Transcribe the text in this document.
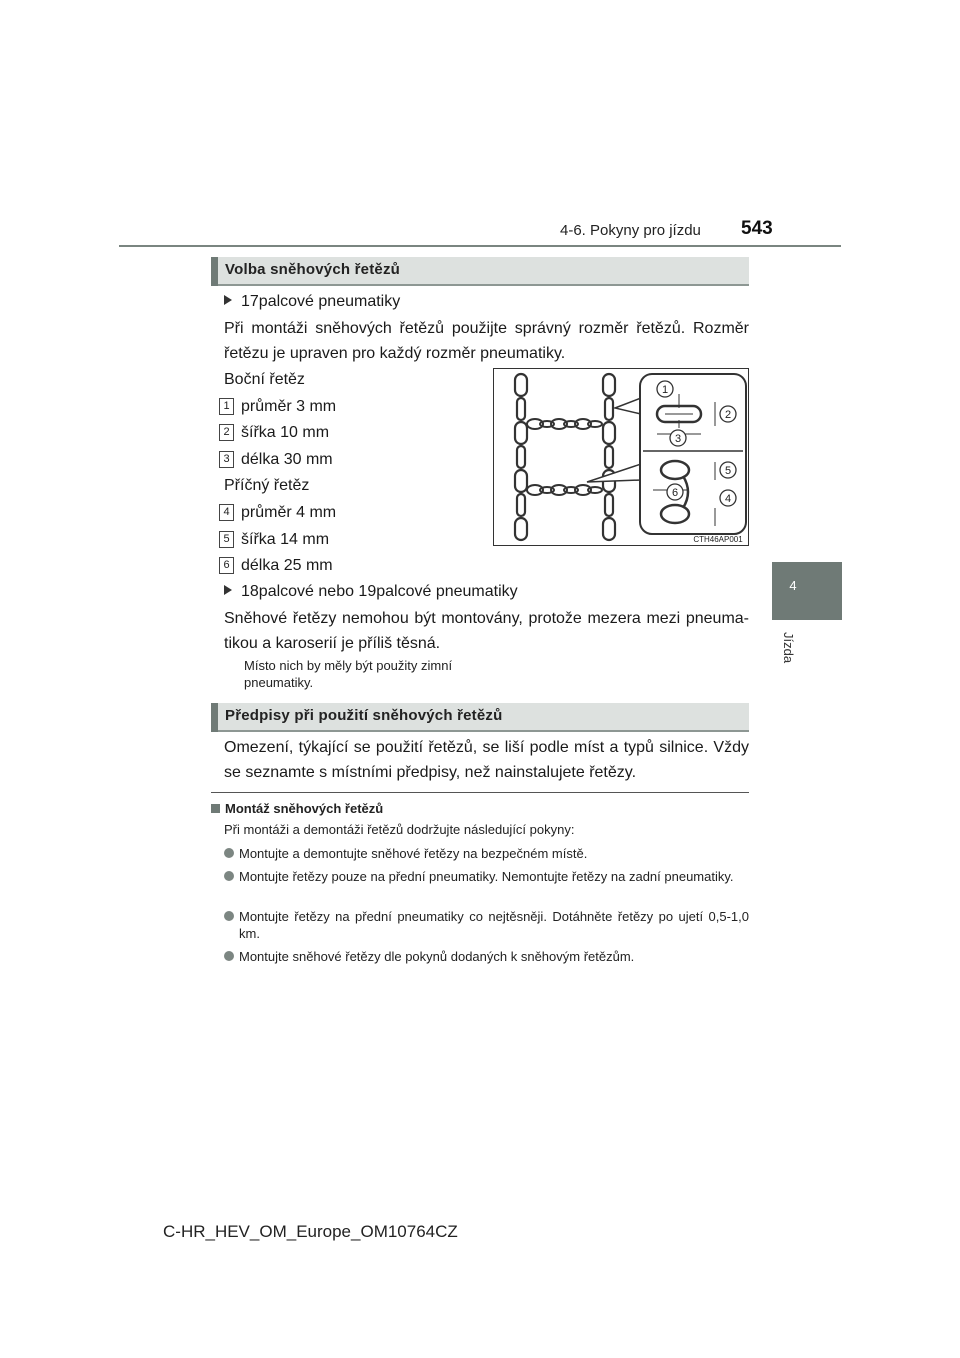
4-6. Pokyny pro jízdu 543
4
Jízda
Volba sněhových řetězů
17palcové pneumatiky
Při montáži sněhových řetězů použijte správný rozměr řetězů. Rozměr řetězu je upraven pro každý rozměr pneumatiky.
Boční řetěz
1 průměr 3 mm
2 šířka 10 mm
3 délka 30 mm
Příčný řetěz
4 průměr 4 mm
5 šířka 14 mm
6 délka 25 mm
1
2
3
5
6	4
CTH46AP001
18palcové nebo 19palcové pneumatiky
Sněhové řetězy nemohou být montovány, protože mezera mezi pneuma- tikou a karoserií je příliš těsná.
Místo nich by měly být použity zimní pneumatiky.
Předpisy při použití sněhových řetězů
Omezení, týkající se použití řetězů, se liší podle míst a typů silnice. Vždy se seznamte s místními předpisy, než nainstalujete řetězy.
Montáž sněhových řetězů
Při montáži a demontáži řetězů dodržujte následující pokyny:
Montujte a demontujte sněhové řetězy na bezpečném místě.
Montujte řetězy pouze na přední pneumatiky. Nemontujte řetězy na zadní pneumatiky.
Montujte řetězy na přední pneumatiky co nejtěsněji. Dotáhněte řetězy po ujetí 0,5-1,0 km.
Montujte sněhové řetězy dle pokynů dodaných k sněhovým řetězům.
C-HR_HEV_OM_Europe_OM10764CZ
